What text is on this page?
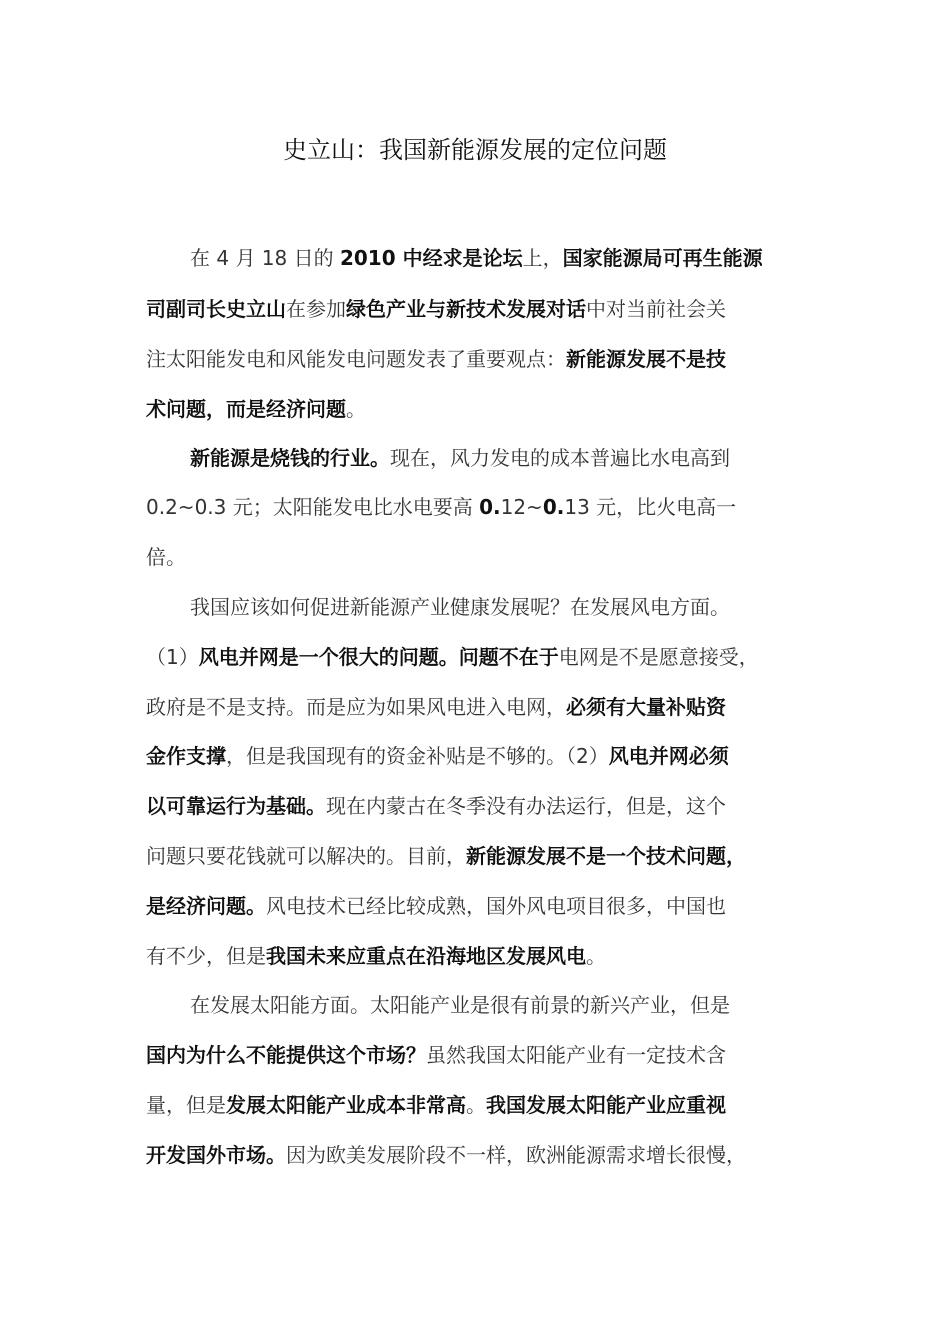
史立山：我国新能源发展的定位问题
在 4 月 18 日的 2010 中经求是论坛上，国家能源局可再生能源
司副司长史立山在参加绿色产业与新技术发展对话中对当前社会关
注太阳能发电和风能发电问题发表了重要观点：新能源发展不是技
术问题，而是经济问题。
新能源是烧钱的行业。现在，风力发电的成本普遍比水电高到
0.2~0.3 元；太阳能发电比水电要高 0.12~0.13 元，比火电高一
倍。
我国应该如何促进新能源产业健康发展呢？在发展风电方面。
（1）风电并网是一个很大的问题。问题不在于电网是不是愿意接受，
政府是不是支持。而是应为如果风电进入电网，必须有大量补贴资
金作支撑，但是我国现有的资金补贴是不够的。（2）风电并网必须
以可靠运行为基础。现在内蒙古在冬季没有办法运行，但是，这个
问题只要花钱就可以解决的。目前，新能源发展不是一个技术问题，
是经济问题。风电技术已经比较成熟，国外风电项目很多，中国也
有不少，但是我国未来应重点在沿海地区发展风电。
在发展太阳能方面。太阳能产业是很有前景的新兴产业，但是
国内为什么不能提供这个市场？虽然我国太阳能产业有一定技术含
量，但是发展太阳能产业成本非常高。我国发展太阳能产业应重视
开发国外市场。因为欧美发展阶段不一样，欧洲能源需求增长很慢，
